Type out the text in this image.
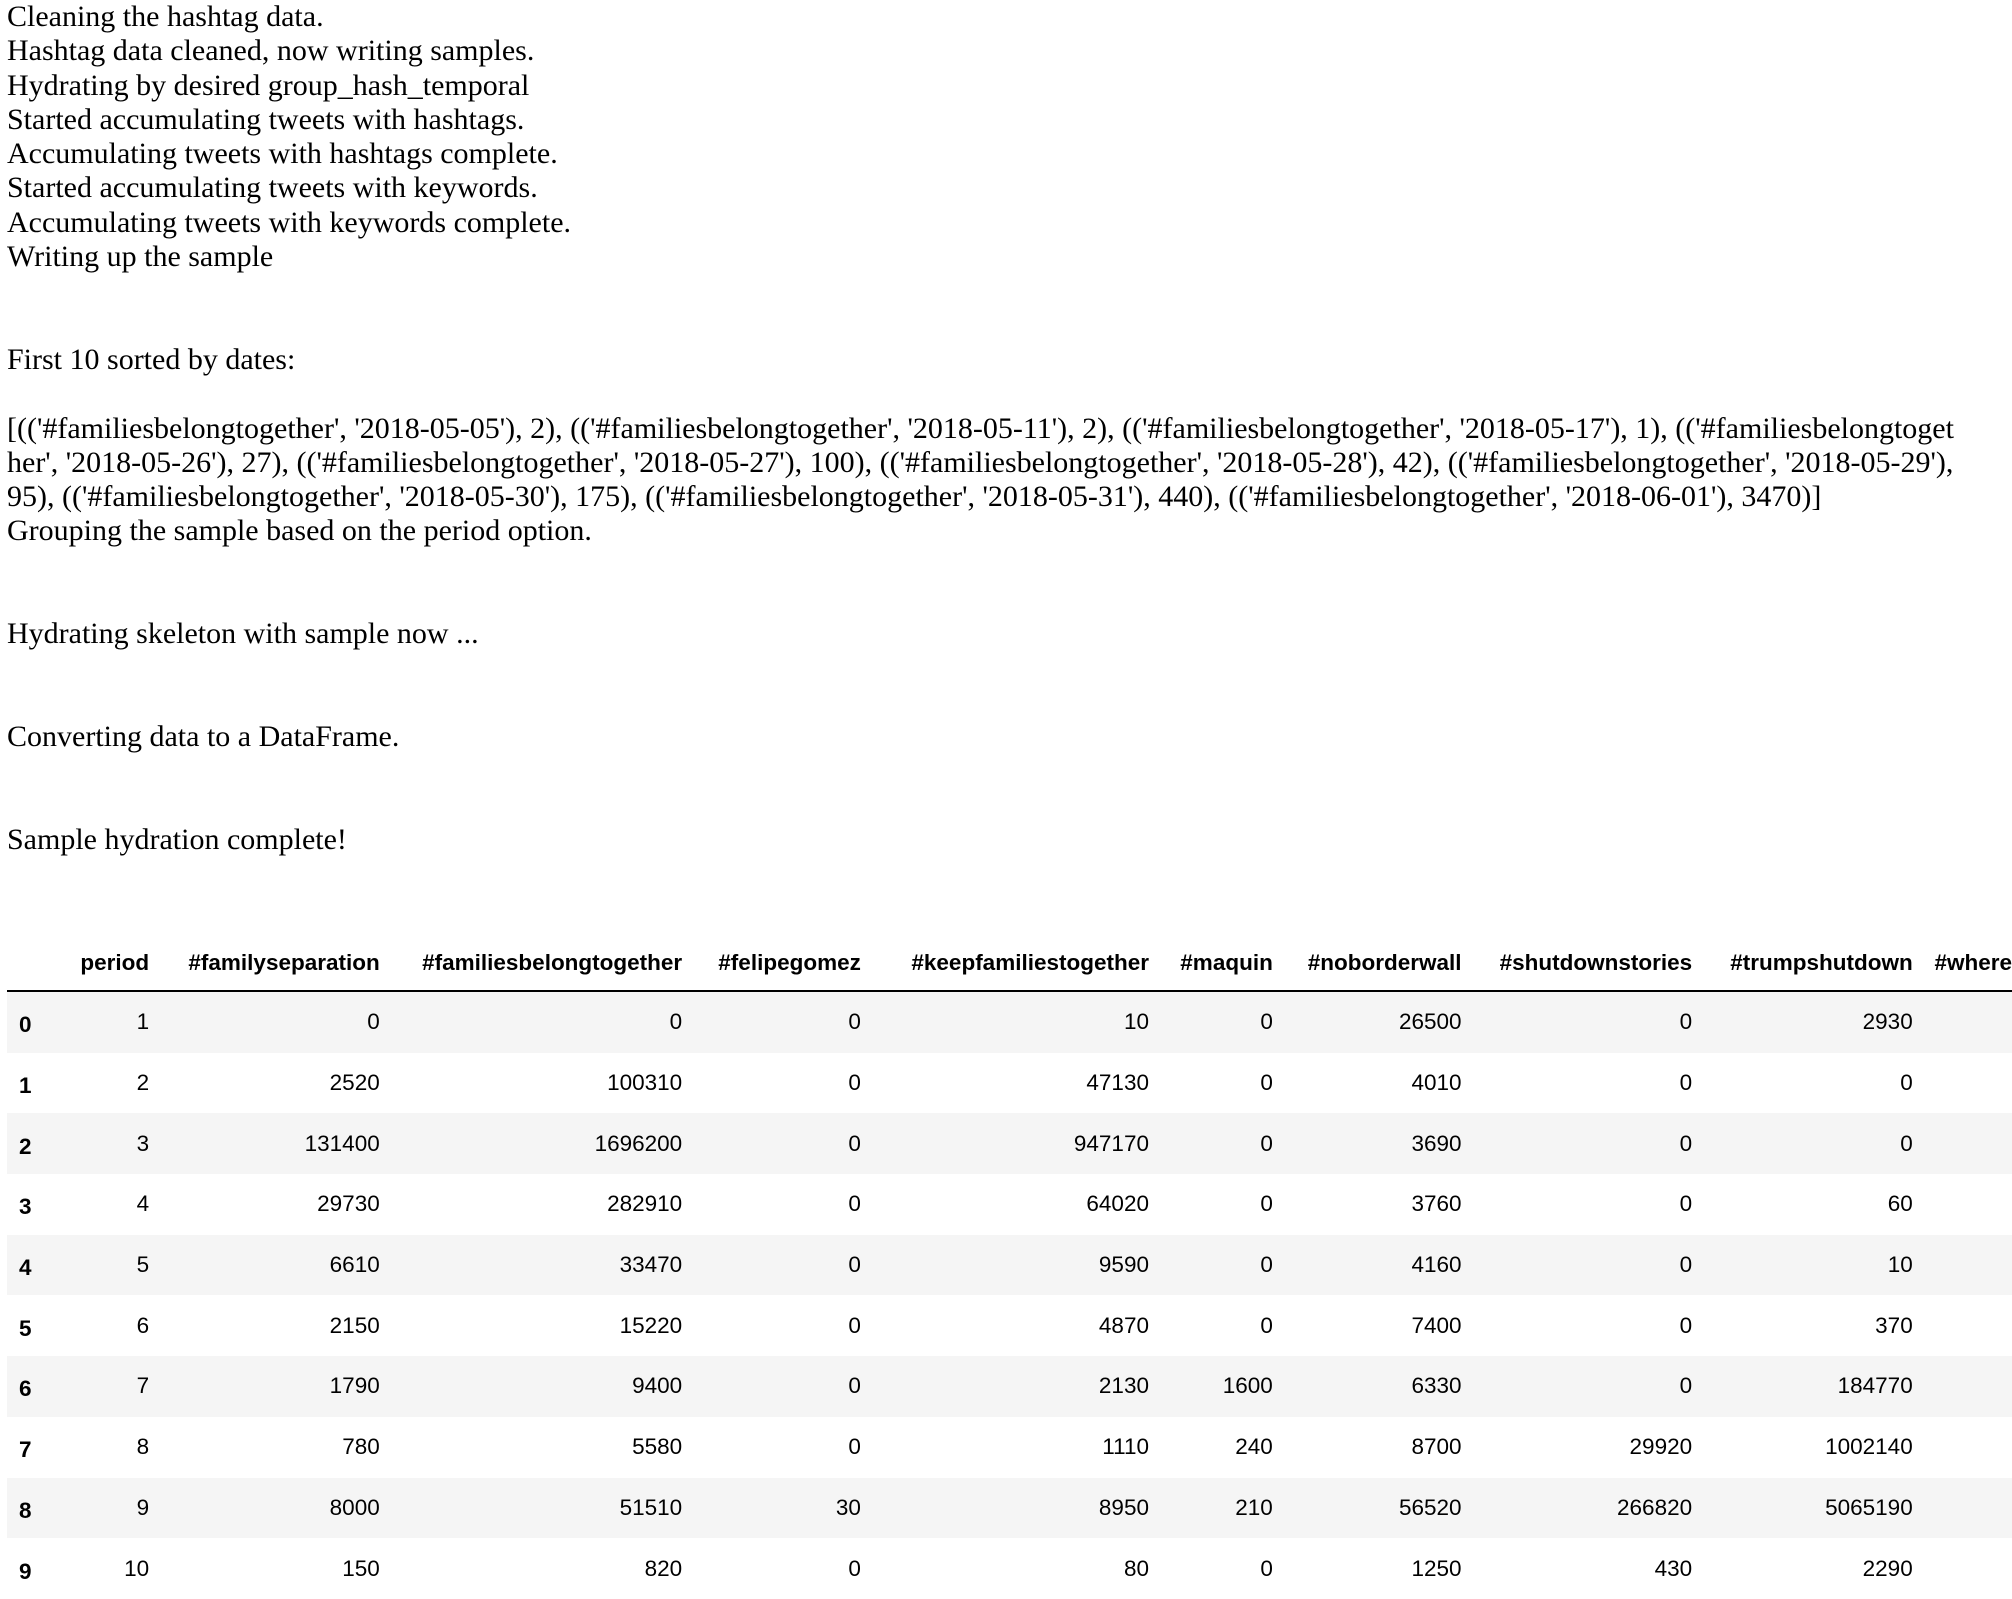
Cleaning the hashtag data.
Hashtag data cleaned, now writing samples.
Hydrating by desired group_hash_temporal
Started accumulating tweets with hashtags.
Accumulating tweets with hashtags complete.
Started accumulating tweets with keywords.
Accumulating tweets with keywords complete.
Writing up the sample
First 10 sorted by dates:
[(('#familiesbelongtogether', '2018-05-05'), 2), (('#familiesbelongtogether', '2018-05-11'), 2), (('#familiesbelongtogether', '2018-05-17'), 1), (('#familiesbelongtogether', '2018-05-26'), 27), (('#familiesbelongtogether', '2018-05-27'), 100), (('#familiesbelongtogether', '2018-05-28'), 42), (('#familiesbelongtogether', '2018-05-29'), 95), (('#familiesbelongtogether', '2018-05-30'), 175), (('#familiesbelongtogether', '2018-05-31'), 440), (('#familiesbelongtogether', '2018-06-01'), 3470)]
Grouping the sample based on the period option.
Hydrating skeleton with sample now ...
Converting data to a DataFrame.
Sample hydration complete!
	period	#familyseparation	#familiesbelongtogether	#felipegomez	#keepfamiliestogether	#maquin	#noborderwall	#shutdownstories	#trumpshutdown	#where
0	1	0	0	0	10	0	26500	0	2930	
1	2	2520	100310	0	47130	0	4010	0	0	
2	3	131400	1696200	0	947170	0	3690	0	0	
3	4	29730	282910	0	64020	0	3760	0	60	
4	5	6610	33470	0	9590	0	4160	0	10	
5	6	2150	15220	0	4870	0	7400	0	370	
6	7	1790	9400	0	2130	1600	6330	0	184770	
7	8	780	5580	0	1110	240	8700	29920	1002140	
8	9	8000	51510	30	8950	210	56520	266820	5065190	
9	10	150	820	0	80	0	1250	430	2290	
